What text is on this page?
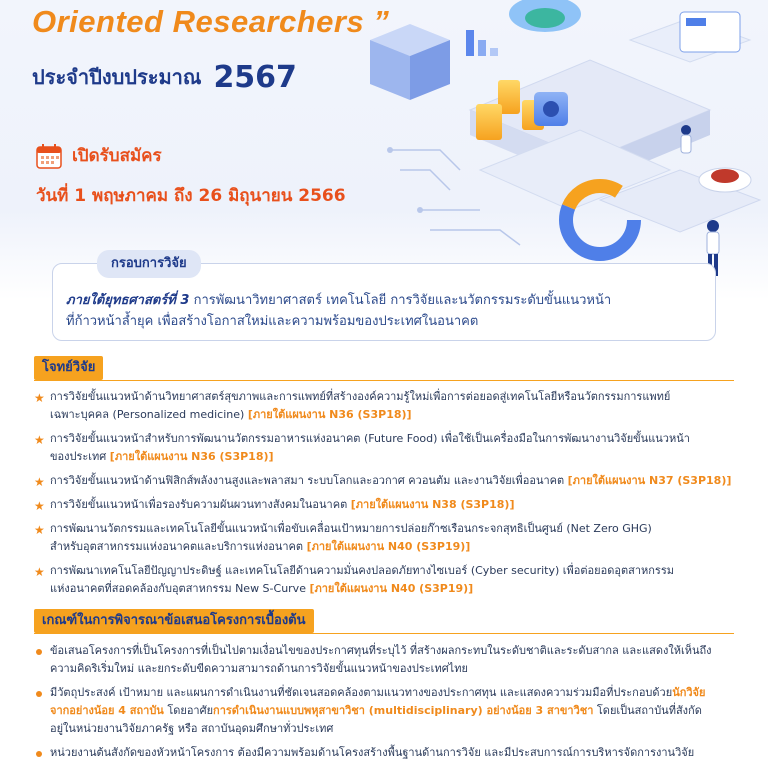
Oriented Researchers ”
ประจำปีงบประมาณ 2567
เปิดรับสมัคร
วันที่ 1 พฤษภาคม ถึง 26 มิถุนายน 2566
กรอบการวิจัย
ภายใต้ยุทธศาสตร์ที่ 3 การพัฒนาวิทยาศาสตร์ เทคโนโลยี การวิจัยและนวัตกรรมระดับขั้นแนวหน้า
ที่ก้าวหน้าล้ำยุค เพื่อสร้างโอกาสใหม่และความพร้อมของประเทศในอนาคต
โจทย์วิจัย
★ การวิจัยขั้นแนวหน้าด้านวิทยาศาสตร์สุขภาพและการแพทย์ที่สร้างองค์ความรู้ใหม่เพื่อการต่อยอดสู่เทคโนโลยีหรือนวัตกรรมการแพทย์
เฉพาะบุคคล (Personalized medicine) [ภายใต้แผนงาน N36 (S3P18)]
★ การวิจัยขั้นแนวหน้าสำหรับการพัฒนานวัตกรรมอาหารแห่งอนาคต (Future Food) เพื่อใช้เป็นเครื่องมือในการพัฒนางานวิจัยขั้นแนวหน้า
ของประเทศ [ภายใต้แผนงาน N36 (S3P18)]
★ การวิจัยขั้นแนวหน้าด้านฟิสิกส์พลังงานสูงและพลาสมา ระบบโลกและอวกาศ ควอนตัม และงานวิจัยเพื่ออนาคต [ภายใต้แผนงาน N37 (S3P18)]
★ การวิจัยขั้นแนวหน้าเพื่อรองรับความผันผวนทางสังคมในอนาคต [ภายใต้แผนงาน N38 (S3P18)]
★ การพัฒนานวัตกรรมและเทคโนโลยีขั้นแนวหน้าเพื่อขับเคลื่อนเป้าหมายการปล่อยก๊าซเรือนกระจกสุทธิเป็นศูนย์ (Net Zero GHG)
สำหรับอุตสาหกรรมแห่งอนาคตและบริการแห่งอนาคต [ภายใต้แผนงาน N40 (S3P19)]
★ การพัฒนาเทคโนโลยีปัญญาประดิษฐ์ และเทคโนโลยีด้านความมั่นคงปลอดภัยทางไซเบอร์ (Cyber security) เพื่อต่อยอดอุตสาหกรรม
แห่งอนาคตที่สอดคล้องกับอุตสาหกรรม New S-Curve [ภายใต้แผนงาน N40 (S3P19)]
เกณฑ์ในการพิจารณาข้อเสนอโครงการเบื้องต้น
ข้อเสนอโครงการที่เป็นโครงการที่เป็นไปตามเงื่อนไขของประกาศทุนที่ระบุไว้ ที่สร้างผลกระทบในระดับชาติและระดับสากล และแสดงให้เห็นถึง
ความคิดริเริ่มใหม่ และยกระดับขีดความสามารถด้านการวิจัยขั้นแนวหน้าของประเทศไทย
มีวัตถุประสงค์ เป้าหมาย และแผนการดำเนินงานที่ชัดเจนสอดคล้องตามแนวทางของประกาศทุน และแสดงความร่วมมือที่ประกอบด้วยนักวิจัย
จากอย่างน้อย 4 สถาบัน โดยอาศัยการดำเนินงานแบบพหุสาขาวิชา (multidisciplinary) อย่างน้อย 3 สาขาวิชา โดยเป็นสถาบันที่สังกัด
อยู่ในหน่วยงานวิจัยภาครัฐ หรือ สถาบันอุดมศึกษาทั่วประเทศ
หน่วยงานต้นสังกัดของหัวหน้าโครงการ ต้องมีความพร้อมด้านโครงสร้างพื้นฐานด้านการวิจัย และมีประสบการณ์การบริหารจัดการงานวิจัย
